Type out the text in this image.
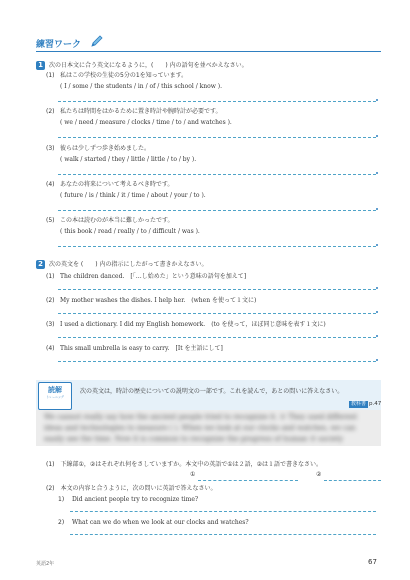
練習ワーク
1	次の日本文に合う英文になるように，(　　) 内の語句を並べかえなさい。
(1) 私はこの学校の生徒の5分の1を知っています。
( I / some / the students / in / of / this school / know ).
(2) 私たちは時間をはかるために置き時計や腕時計が必要です。
( we / need / measure / clocks / time / to / and watches ).
(3) 彼らは少しずつ歩き始めました。
( walk / started / they / little / little / to / by ).
(4) あなたの将来について考えるべき時です。
( future / is / think / it / time / about / your / to ).
(5) この本は読むのが本当に難しかったです。
( this book / read / really / to / difficult / was ).
2	次の英文を (　　) 内の指示にしたがって書きかえなさい。
(1) The children danced.　[「…し始めた」という意味の語句を加えて]
(2) My mother washes the dishes. I help her.　(when を使って１文に)
(3) I used a dictionary. I did my English homework.　(to を使って，ほぼ同じ意味を表す１文に)
(4) This small umbrella is easy to carry.　[It を主語にして]
読解
トレーニング
次の英文は，時計の歴史についての説明文の一部です。これを読んで，あとの問いに答えなさい。
教科書 p.47
We cannot really say how the ancient people tried to recognize it. ① They used different ideas and technologies to measure ( ). When we look at our clocks and watches, we can easily see the time. Now it is common to recognize the progress of human ② society
(1)　下線部①，②はそれぞれ何をさしていますか。本文中の英語で①は２語，②は１語で書きなさい。
①	②
(2)　本文の内容と合うように，次の問いに英語で答えなさい。
1) Did ancient people try to recognize time?
2) What can we do when we look at our clocks and watches?
英語2年	67
